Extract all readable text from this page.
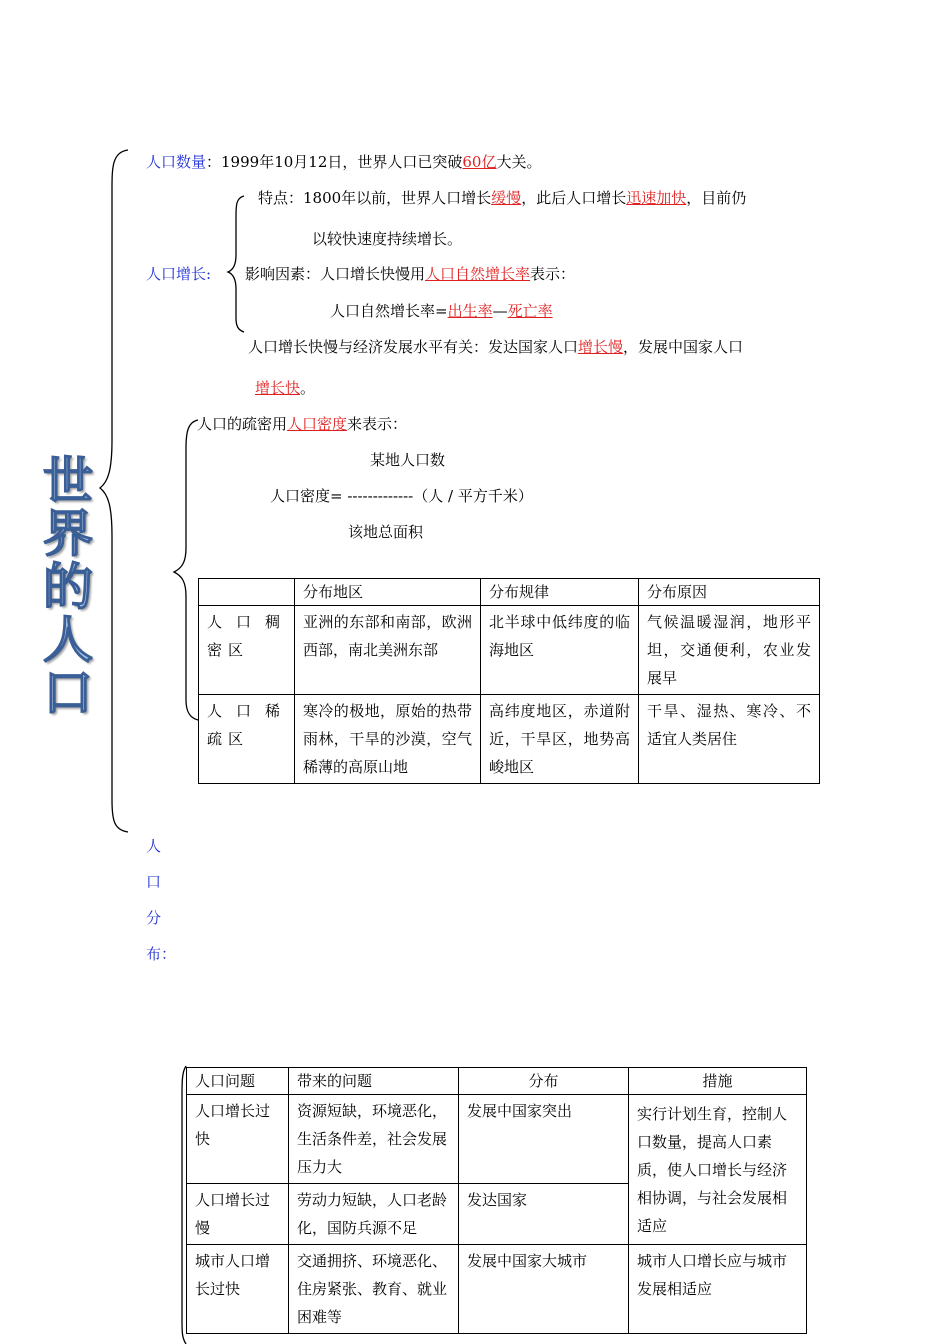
世
界
的
人
口
人口数量：1999年10月12日，世界人口已突破60亿大关。
特点：1800年以前，世界人口增长缓慢，此后人口增长迅速加快，目前仍
以较快速度持续增长。
人口增长: 影响因素：人口增长快慢用人口自然增长率表示：
人口自然增长率=出生率—死亡率
人口增长快慢与经济发展水平有关：发达国家人口增长慢，发展中国家人口
增长快。
人口的疏密用人口密度来表示：
某地人口数
人口密度= -------------（人 / 平方千米）
该地总面积
	分布地区	分布规律	分布原因
人口稠密区	亚洲的东部和南部，欧洲西部，南北美洲东部	北半球中低纬度的临海地区	气候温暖湿润，地形平坦，交通便利，农业发展早
人口稀疏区	寒冷的极地，原始的热带雨林，干旱的沙漠，空气稀薄的高原山地	高纬度地区，赤道附近，干旱区，地势高峻地区	干旱、湿热、寒冷、不适宜人类居住
人
口
分
布：
人口问题	带来的问题	分布	措施
人口增长过快	资源短缺，环境恶化，生活条件差，社会发展压力大	发展中国家突出	实行计划生育，控制人口数量，提高人口素质，使人口增长与经济相协调，与社会发展相适应
人口增长过慢	劳动力短缺，人口老龄化，国防兵源不足	发达国家	
城市人口增长过快	交通拥挤、环境恶化、住房紧张、教育、就业困难等	发展中国家大城市	城市人口增长应与城市发展相适应
